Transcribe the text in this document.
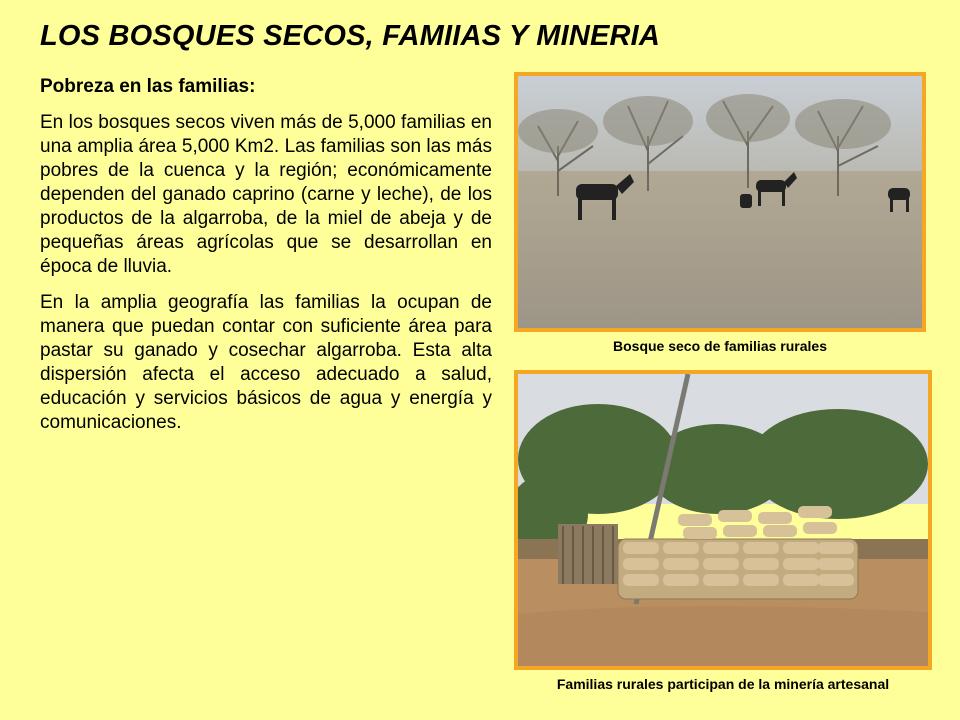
LOS BOSQUES SECOS, FAMIIAS Y MINERIA

Pobreza en las familias:

En los bosques secos viven más de 5,000 familias en una amplia área 5,000 Km2. Las familias son las más pobres de la cuenca y la región; económicamente dependen del ganado caprino (carne y leche), de los productos de la algarroba, de la miel de abeja y de pequeñas áreas agrícolas que se desarrollan en época de lluvia.

En la amplia geografía las familias la ocupan de manera que puedan contar con suficiente área para pastar su ganado y cosechar algarroba. Esta alta dispersión afecta el acceso adecuado a salud, educación y servicios básicos de agua y energía y comunicaciones.

Bosque seco de familias rurales
Familias rurales participan de la minería artesanal
